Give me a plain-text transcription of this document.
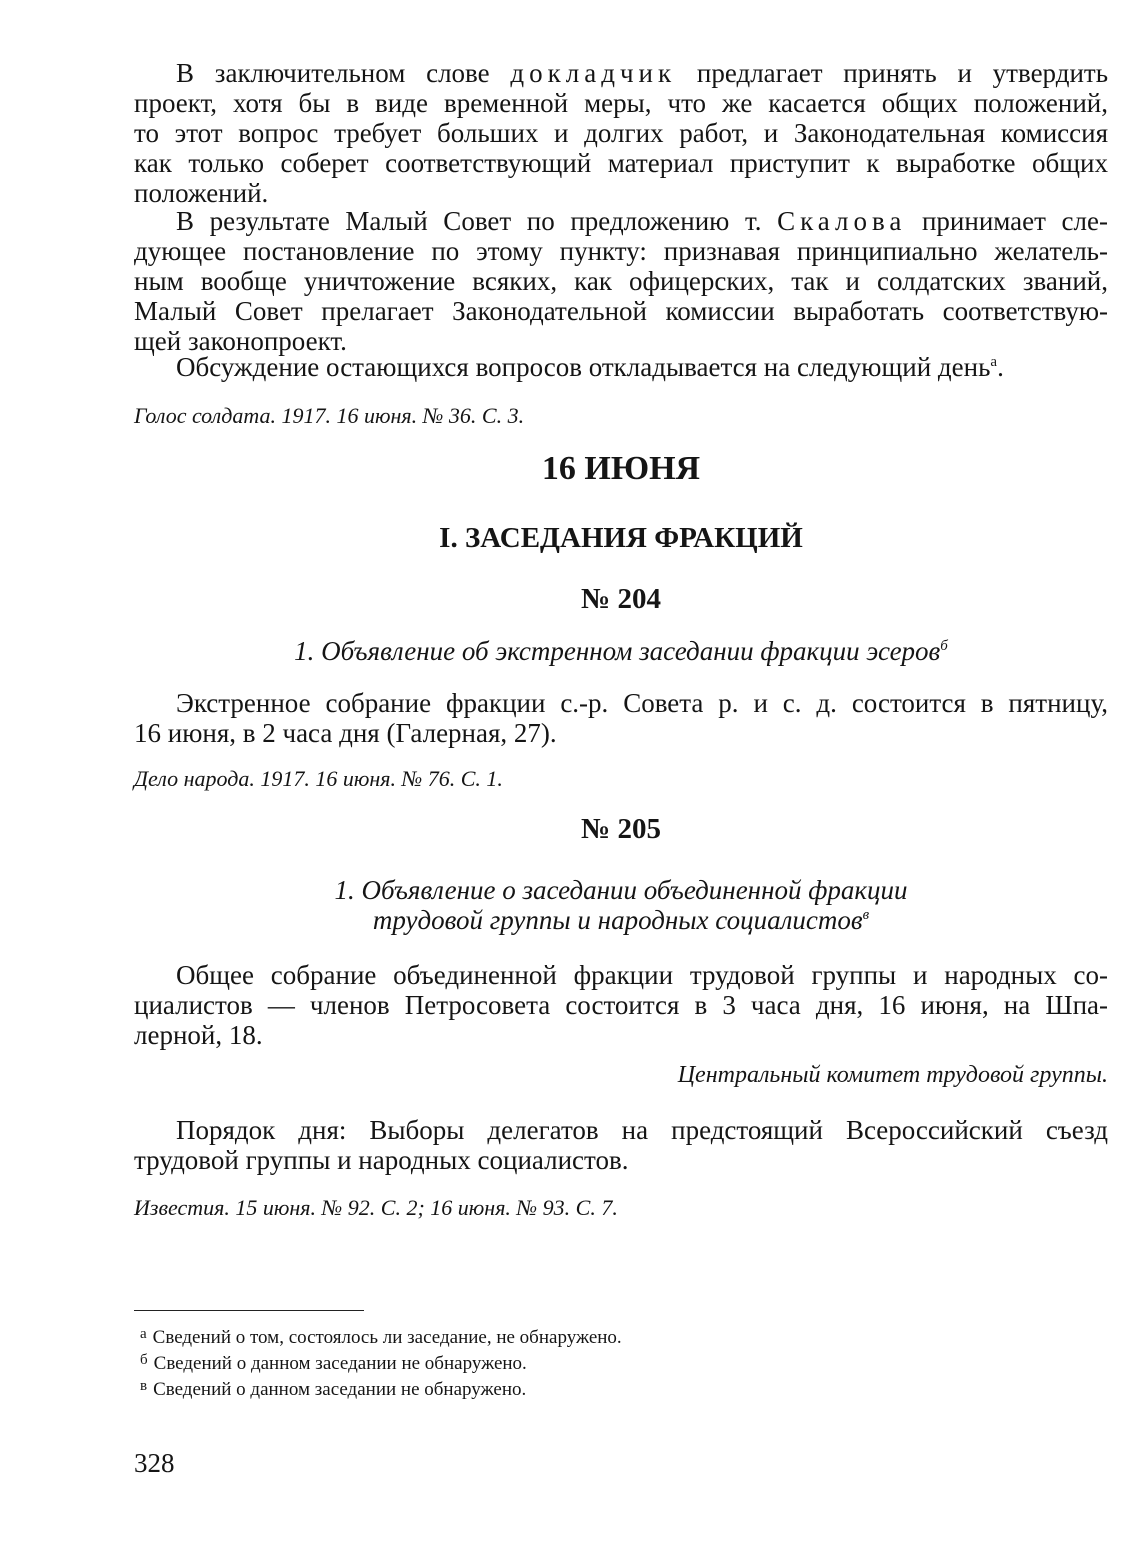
В заключительном слове докладчик предлагает принять и утвердить
проект, хотя бы в виде временной меры, что же касается общих положений,
то этот вопрос требует больших и долгих работ, и Законодательная комиссия
как только соберет соответствующий материал приступит к выработке общих
положений.
В результате Малый Совет по предложению т. Скалова принимает сле-
дующее постановление по этому пункту: признавая принципиально желатель-
ным вообще уничтожение всяких, как офицерских, так и солдатских званий,
Малый Совет прелагает Законодательной комиссии выработать соответствую-
щей законопроект.
Обсуждение остающихся вопросов откладывается на следующий день$^а$.
Голос солдата. 1917. 16 июня. № 36. С. 3.
16 ИЮНЯ
I. ЗАСЕДАНИЯ ФРАКЦИЙ
№ 204
1. Объявление об экстренном заседании фракции эсеров$^б$
Экстренное собрание фракции с.-р. Совета р. и с. д. состоится в пятницу,
16 июня, в 2 часа дня (Галерная, 27).
Дело народа. 1917. 16 июня. № 76. С. 1.
№ 205
1. Объявление о заседании объединенной фракции
трудовой группы и народных социалистов$^в$
Общее собрание объединенной фракции трудовой группы и народных со-
циалистов — членов Петросовета состоится в 3 часа дня, 16 июня, на Шпа-
лерной, 18.
Центральный комитет трудовой группы.
Порядок дня: Выборы делегатов на предстоящий Всероссийский съезд
трудовой группы и народных социалистов.
Известия. 15 июня. № 92. С. 2; 16 июня. № 93. С. 7.
$^а$ Сведений о том, состоялось ли заседание, не обнаружено.
$^б$ Сведений о данном заседании не обнаружено.
$^в$ Сведений о данном заседании не обнаружено.
328
